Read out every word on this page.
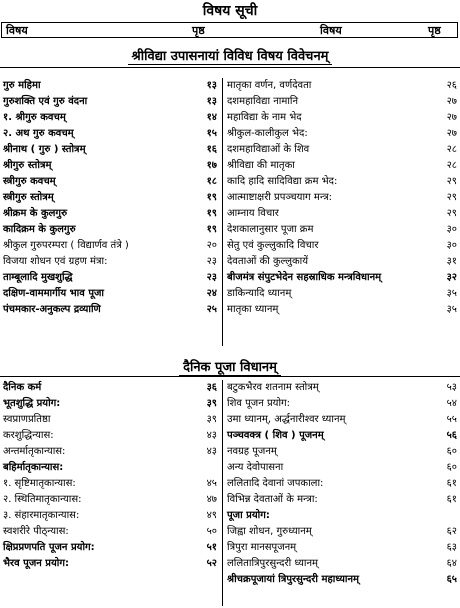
विषय सूची
विषय	पृष्ठ	विषय	पृष्ठ
श्रीविद्या उपासनायां विविध विषय विवेचनम्
गुरु महिमा	१३
गुरुशक्ति एवं गुरु वंदना	१३
१. श्रीगुरु कवचम्	१४
२. अथ गुरु कवचम्	१५
श्रीनाथ ( गुरु ) स्तोत्रम्	१६
श्रीगुरु स्तोत्रम्	१७
स्त्रीगुरु कवचम्	१८
स्त्रीगुरु स्तोत्रम्	१९
श्रीक्रम के कुलगुरु	१९
कादिक्रम के कुलगुरु	१९
श्रीकुल गुरुपरम्परा ( विद्यार्णव तंत्रे )	२०
विजया शोधन एवं ग्रहण मंत्रा:	२३
ताम्बूलादि मुखशुद्धि	२३
दक्षिण-वाममार्गीय भाव पूजा	२४
पंचमकार-अनुकल्प द्रव्याणि	२५
मातृका वर्णन, वर्णदेवता	२६
दशमहाविद्या नामानि	२७
महाविद्या के नाम भेद	२७
श्रीकुल-कालीकुल भेद:	२७
दशमहाविद्याओं के शिव	२८
श्रीविद्या की मातृका	२८
कादि हादि सादिविद्या क्रम भेद:	२९
आत्माष्टाक्षरी प्रपञ्चयाग मन्त्र:	२९
आम्नाय विचार	२९
देशकालानुसार पूजा क्रम	३०
सेतु एवं कुल्लुकादि विचार	३०
देवताओं की कुल्लुकायें	३१
बीजमंत्र संपुटभेदेन सहस्राधिक मन्त्रविधानम्	३२
डाकिन्यादि ध्यानम्	३५
मातृका ध्यानम्	३५
दैनिक पूजा विधानम्
दैनिक कर्म	३६
भूतशुद्धि प्रयोग:	३९
स्वप्राणप्रतिष्ठा	३९
करशुद्धिन्यास:	४३
अन्तर्मातृकान्यास:	४३
बहिर्मातृकान्यास:
१. सृष्टिमातृकान्यास:	४५
२. स्थितिमातृकान्यास:	४७
३. संहारमातृकान्यास:	४९
स्वशरीरे पीठ्न्यास:	५०
क्षिप्रप्रणपति पूजन प्रयोग:	५१
भैरव पूजन प्रयोग:	५२
बटुकभैरव शतनाम स्तोत्रम्	५३
शिव पूजन प्रयोग:	५४
उमा ध्यानम्, अर्द्धनारीश्वर ध्यानम्	५५
पञ्चवक्त्र ( शिव ) पूजनम्	५६
नवग्रह पूजनम्	६०
अन्य देवोपासना	६०
ललितादि देवानां जपकाला:	६१
विभिन्न देवताओं के मन्त्रा:	६१
पूजा प्रयोग:
जिह्वा शोधन, गुरुध्यानम्	६२
त्रिपुरा मानसपूजनम्	६३
ललितात्रिपुरसुन्दरी ध्यानम्	६४
श्रीचक्रपूजायां त्रिपुरसुन्दरी महाध्यानम्	६५
